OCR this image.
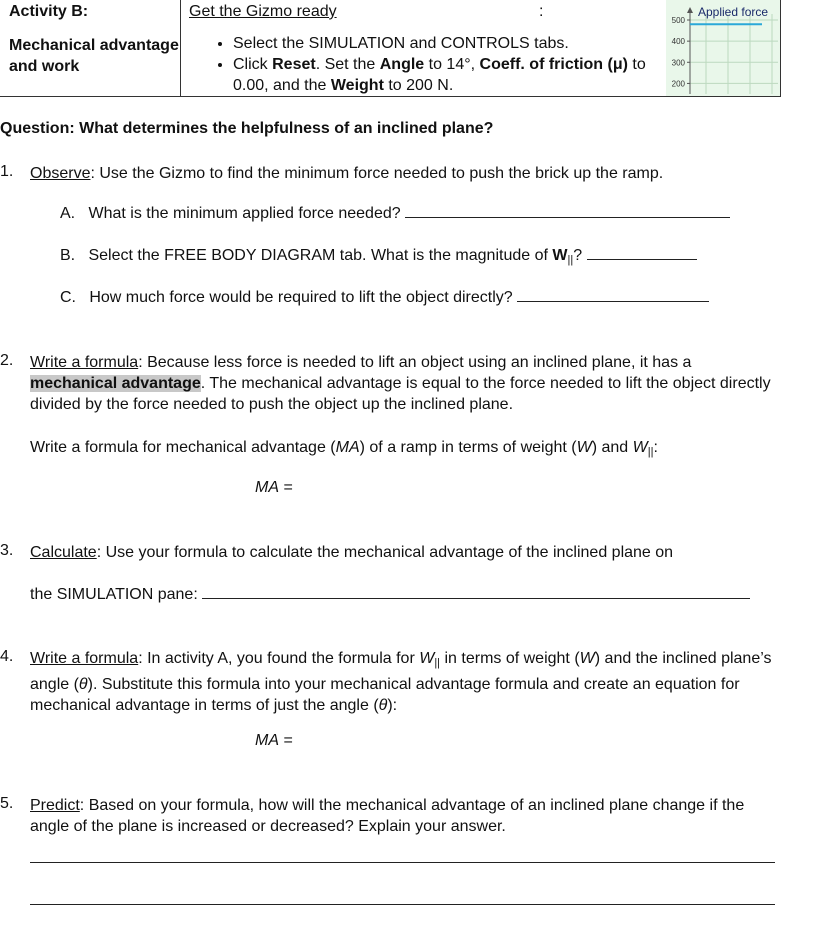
Activity B:
Mechanical advantage and work
Get the Gizmo ready	:
• Select the SIMULATION and CONTROLS tabs.
• Click Reset. Set the Angle to 14°, Coeff. of friction (μ) to 0.00, and the Weight to 200 N.
500
400
300
200
Applied force
Question: What determines the helpfulness of an inclined plane?
1. Observe: Use the Gizmo to find the minimum force needed to push the brick up the ramp.
A. What is the minimum applied force needed?
B. Select the FREE BODY DIAGRAM tab. What is the magnitude of $W_{||}$?
C. How much force would be required to lift the object directly?
2. Write a formula: Because less force is needed to lift an object using an inclined plane, it has a mechanical advantage. The mechanical advantage is equal to the force needed to lift the object directly divided by the force needed to push the object up the inclined plane.
Write a formula for mechanical advantage (MA) of a ramp in terms of weight (W) and $W_{||}$:
MA =
3. Calculate: Use your formula to calculate the mechanical advantage of the inclined plane on
the SIMULATION pane:
4. Write a formula: In activity A, you found the formula for $W_{||}$ in terms of weight (W) and the inclined plane’s angle (θ). Substitute this formula into your mechanical advantage formula and create an equation for mechanical advantage in terms of just the angle (θ):
MA =
5. Predict: Based on your formula, how will the mechanical advantage of an inclined plane change if the angle of the plane is increased or decreased? Explain your answer.
